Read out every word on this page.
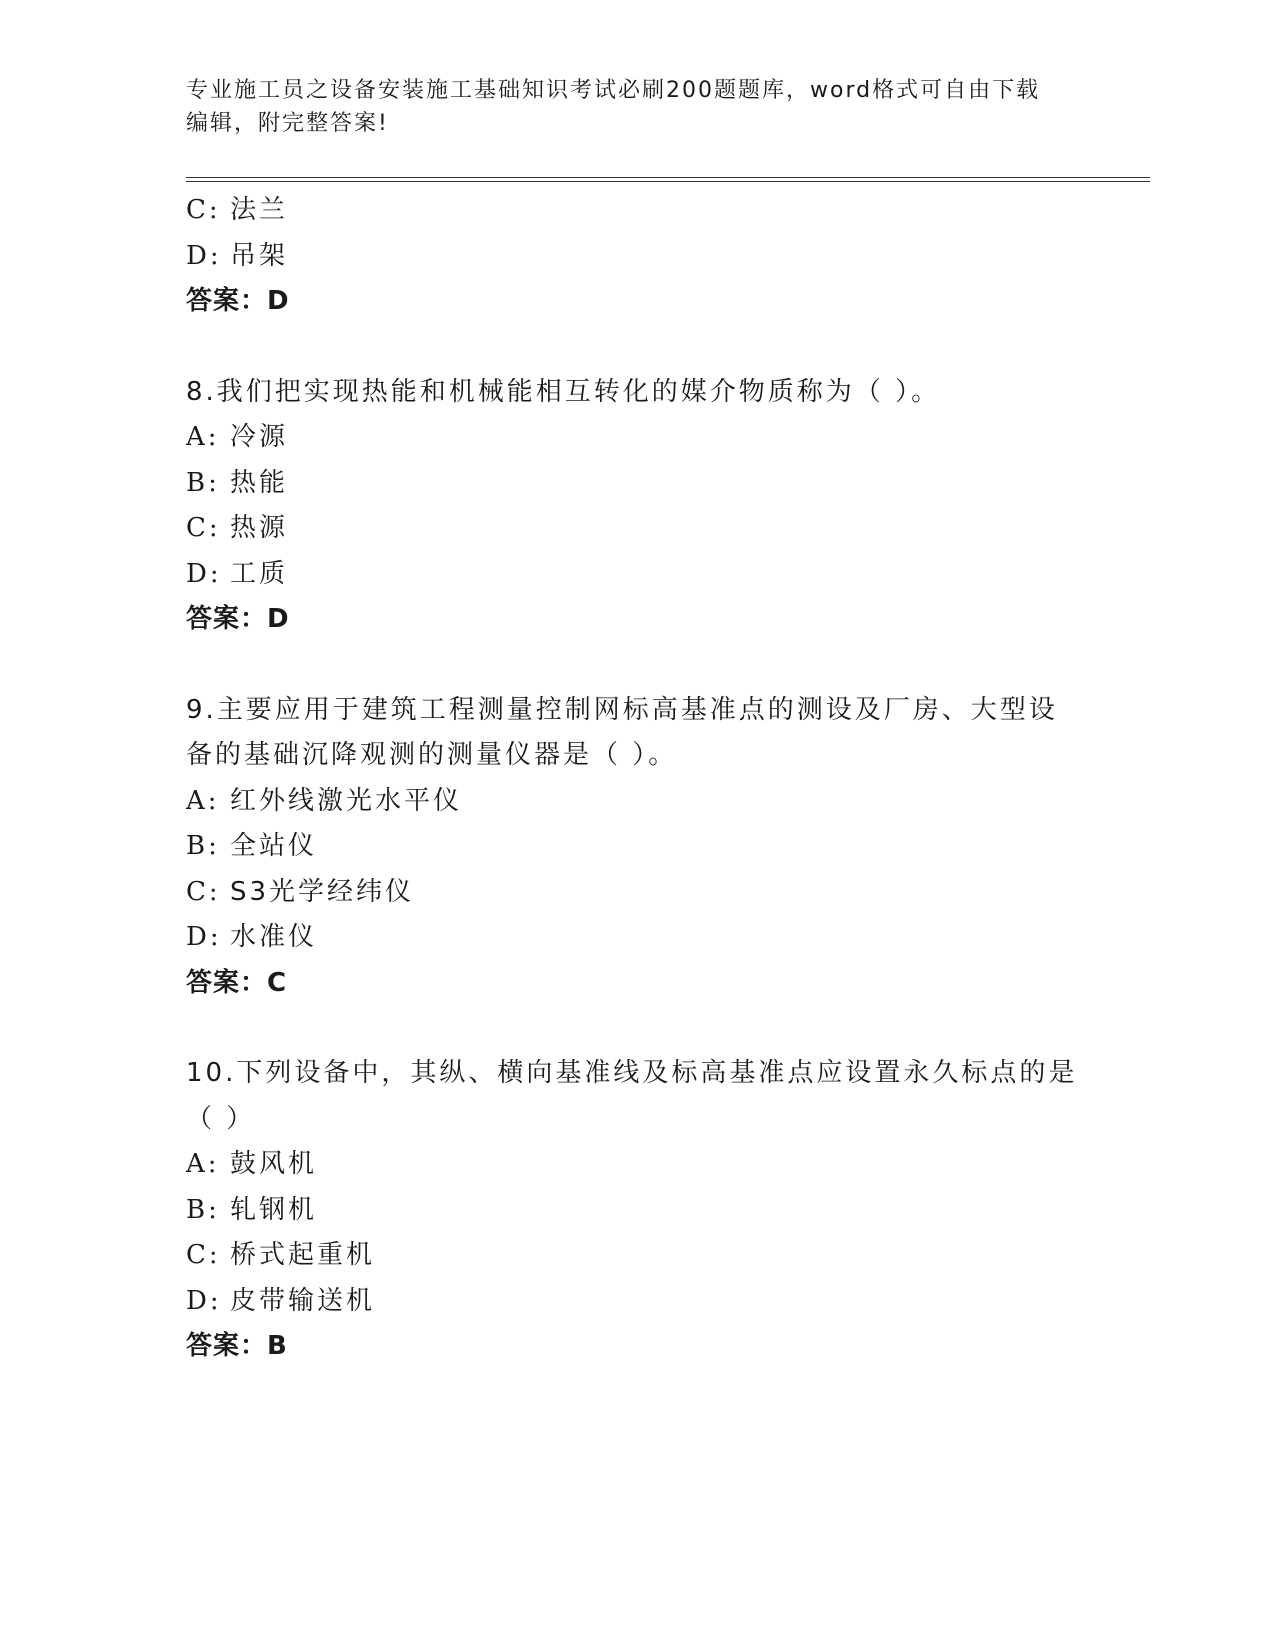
专业施工员之设备安装施工基础知识考试必刷200题题库，word格式可自由下载
编辑，附完整答案!
C: 法兰
D: 吊架
答案：D
8.我们把实现热能和机械能相互转化的媒介物质称为（ ）。
A: 冷源
B: 热能
C: 热源
D: 工质
答案：D
9.主要应用于建筑工程测量控制网标高基准点的测设及厂房、大型设
备的基础沉降观测的测量仪器是（ ）。
A: 红外线激光水平仪
B: 全站仪
C: S3光学经纬仪
D: 水准仪
答案：C
10.下列设备中，其纵、横向基准线及标高基准点应设置永久标点的是
（ ）
A: 鼓风机
B: 轧钢机
C: 桥式起重机
D: 皮带输送机
答案：B
